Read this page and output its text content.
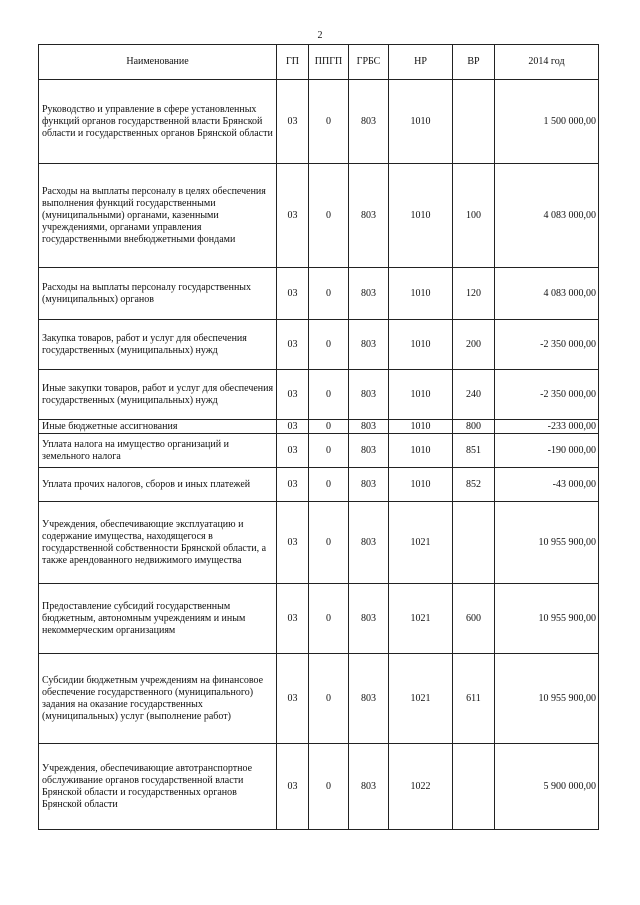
2
Наименование	ГП	ППГП	ГРБС	НР	ВР	2014 год
Руководство и управление в сфере установленных функций органов государственной власти Брянской области и государственных органов Брянской области	03	0	803	1010		1 500 000,00
Расходы на выплаты персоналу в целях обеспечения выполнения функций государственными (муниципальными) органами, казенными учреждениями, органами управления государственными внебюджетными фондами	03	0	803	1010	100	4 083 000,00
Расходы на выплаты персоналу государственных (муниципальных) органов	03	0	803	1010	120	4 083 000,00
Закупка товаров, работ и услуг для обеспечения государственных (муниципальных) нужд	03	0	803	1010	200	-2 350 000,00
Иные закупки товаров, работ и услуг для обеспечения государственных (муниципальных) нужд	03	0	803	1010	240	-2 350 000,00
Иные бюджетные ассигнования	03	0	803	1010	800	-233 000,00
Уплата налога на имущество организаций и земельного налога	03	0	803	1010	851	-190 000,00
Уплата прочих налогов, сборов и иных платежей	03	0	803	1010	852	-43 000,00
Учреждения, обеспечивающие эксплуатацию и содержание имущества, находящегося в государственной собственности Брянской области, а также арендованного недвижимого имущества	03	0	803	1021		10 955 900,00
Предоставление субсидий государственным бюджетным, автономным учреждениям и иным некоммерческим организациям	03	0	803	1021	600	10 955 900,00
Субсидии бюджетным учреждениям на финансовое обеспечение государственного (муниципального) задания на оказание государственных (муниципальных) услуг (выполнение работ)	03	0	803	1021	611	10 955 900,00
Учреждения, обеспечивающие автотранспортное обслуживание органов государственной власти Брянской области и государственных органов Брянской области	03	0	803	1022		5 900 000,00
